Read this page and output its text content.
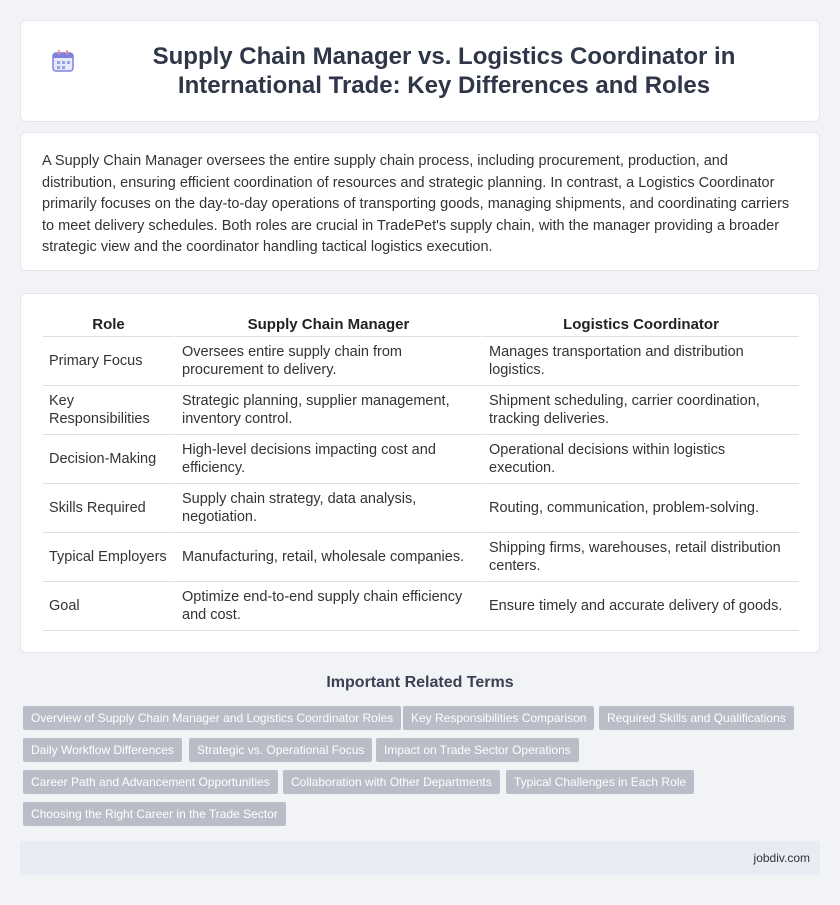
Supply Chain Manager vs. Logistics Coordinator in International Trade: Key Differences and Roles

A Supply Chain Manager oversees the entire supply chain process, including procurement, production, and distribution, ensuring efficient coordination of resources and strategic planning. In contrast, a Logistics Coordinator primarily focuses on the day-to-day operations of transporting goods, managing shipments, and coordinating carriers to meet delivery schedules. Both roles are crucial in TradePet's supply chain, with the manager providing a broader strategic view and the coordinator handling tactical logistics execution.

Role	Supply Chain Manager	Logistics Coordinator
Primary Focus	Oversees entire supply chain from procurement to delivery.	Manages transportation and distribution logistics.
Key Responsibilities	Strategic planning, supplier management, inventory control.	Shipment scheduling, carrier coordination, tracking deliveries.
Decision-Making	High-level decisions impacting cost and efficiency.	Operational decisions within logistics execution.
Skills Required	Supply chain strategy, data analysis, negotiation.	Routing, communication, problem-solving.
Typical Employers	Manufacturing, retail, wholesale companies.	Shipping firms, warehouses, retail distribution centers.
Goal	Optimize end-to-end supply chain efficiency and cost.	Ensure timely and accurate delivery of goods.
Important Related Terms
Overview of Supply Chain Manager and Logistics Coordinator Roles	Key Responsibilities Comparison	Required Skills and Qualifications
Daily Workflow Differences	Strategic vs. Operational Focus	Impact on Trade Sector Operations
Career Path and Advancement Opportunities	Collaboration with Other Departments	Typical Challenges in Each Role
Choosing the Right Career in the Trade Sector
jobdiv.com
